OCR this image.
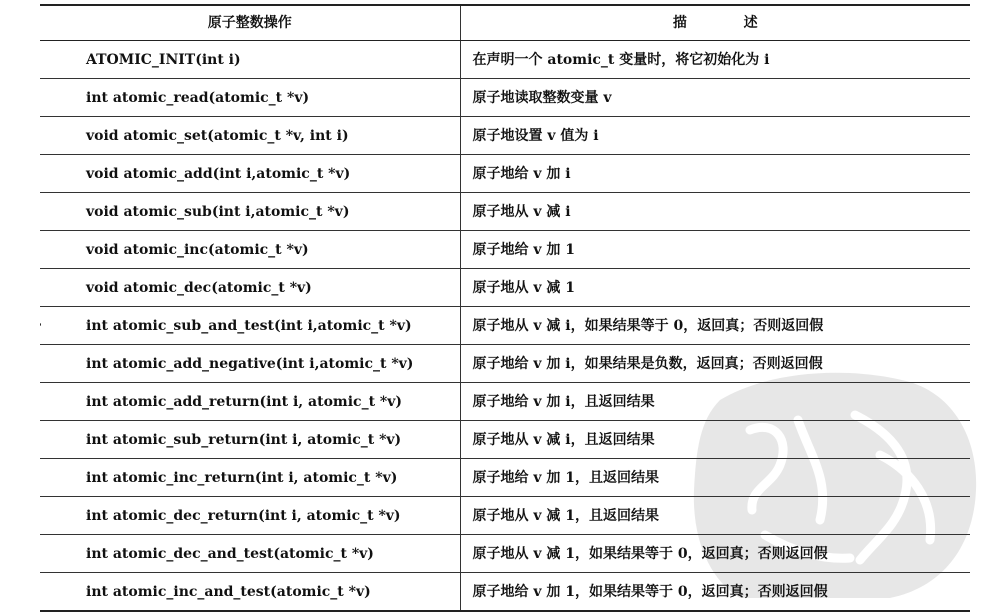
原子整数操作	描 述
ATOMIC_INIT(int i)	在声明一个 atomic_t 变量时，将它初始化为 i
int atomic_read(atomic_t *v)	原子地读取整数变量 v
void atomic_set(atomic_t *v, int i)	原子地设置 v 值为 i
void atomic_add(int i,atomic_t *v)	原子地给 v 加 i
void atomic_sub(int i,atomic_t *v)	原子地从 v 减 i
void atomic_inc(atomic_t *v)	原子地给 v 加 1
void atomic_dec(atomic_t *v)	原子地从 v 减 1
int atomic_sub_and_test(int i,atomic_t *v)	原子地从 v 减 i，如果结果等于 0，返回真；否则返回假
int atomic_add_negative(int i,atomic_t *v)	原子地给 v 加 i，如果结果是负数，返回真；否则返回假
int atomic_add_return(int i, atomic_t *v)	原子地给 v 加 i，且返回结果
int atomic_sub_return(int i, atomic_t *v)	原子地从 v 减 i，且返回结果
int atomic_inc_return(int i, atomic_t *v)	原子地给 v 加 1，且返回结果
int atomic_dec_return(int i, atomic_t *v)	原子地从 v 减 1，且返回结果
int atomic_dec_and_test(atomic_t *v)	原子地从 v 减 1，如果结果等于 0，返回真；否则返回假
int atomic_inc_and_test(atomic_t *v)	原子地给 v 加 1，如果结果等于 0，返回真；否则返回假
